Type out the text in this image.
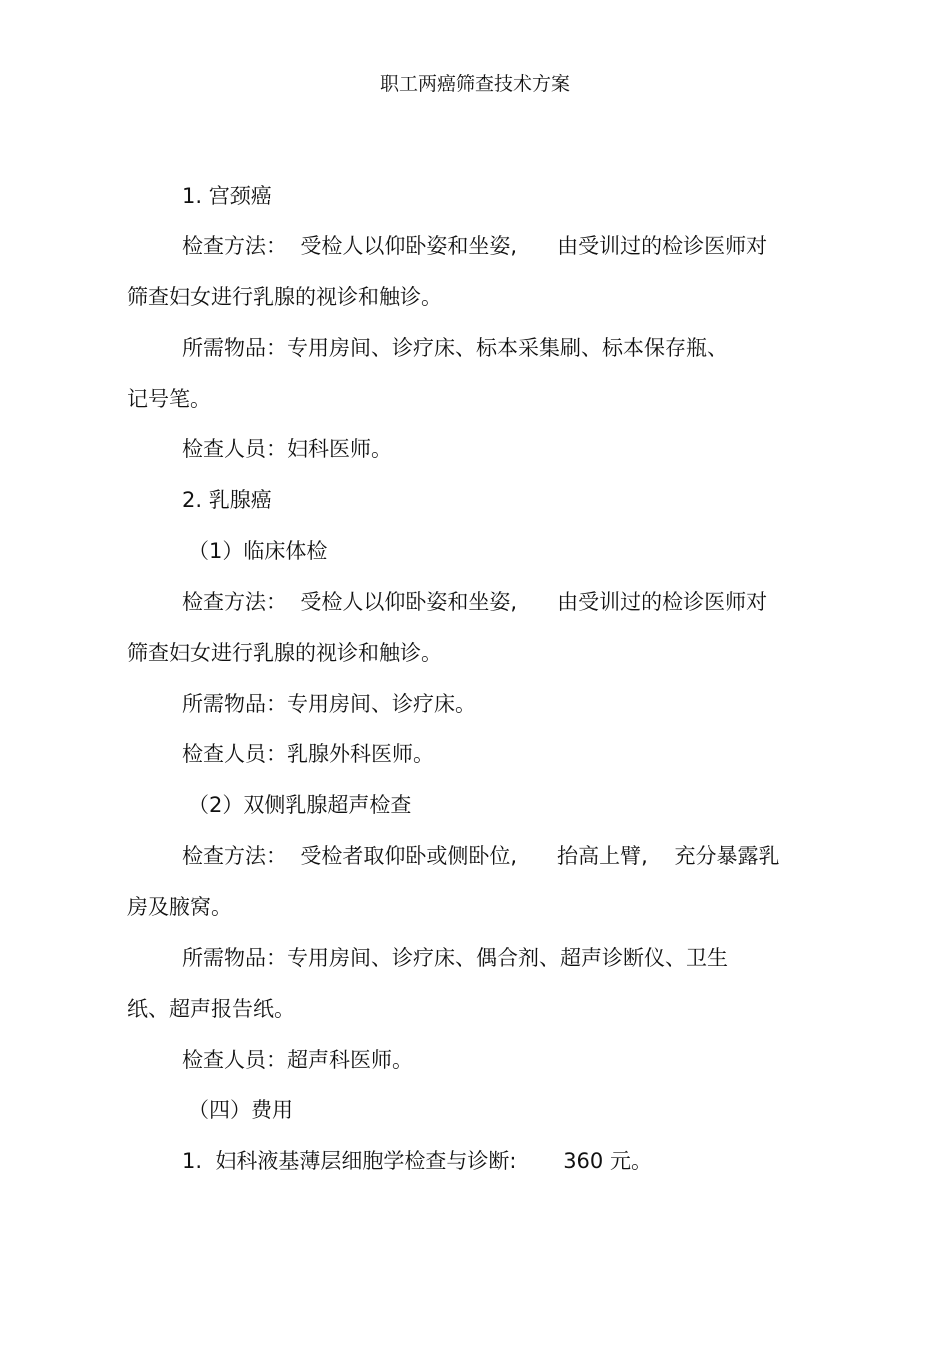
职工两癌筛查技术方案
1. 宫颈癌
检查方法：  受检人以仰卧姿和坐姿,      由受训过的检诊医师对
筛查妇女进行乳腺的视诊和触诊。
所需物品：专用房间、诊疗床、标本采集刷、标本保存瓶、
记号笔。
检查人员：妇科医师。
2. 乳腺癌
（1）临床体检
检查方法：  受检人以仰卧姿和坐姿,      由受训过的检诊医师对
筛查妇女进行乳腺的视诊和触诊。
所需物品：专用房间、诊疗床。
检查人员：乳腺外科医师。
（2）双侧乳腺超声检查
检查方法：  受检者取仰卧或侧卧位,      抬高上臂,    充分暴露乳
房及腋窝。
所需物品：专用房间、诊疗床、偶合剂、超声诊断仪、卫生
纸、超声报告纸。
检查人员：超声科医师。
（四）费用
1.  妇科液基薄层细胞学检查与诊断:       360 元。
